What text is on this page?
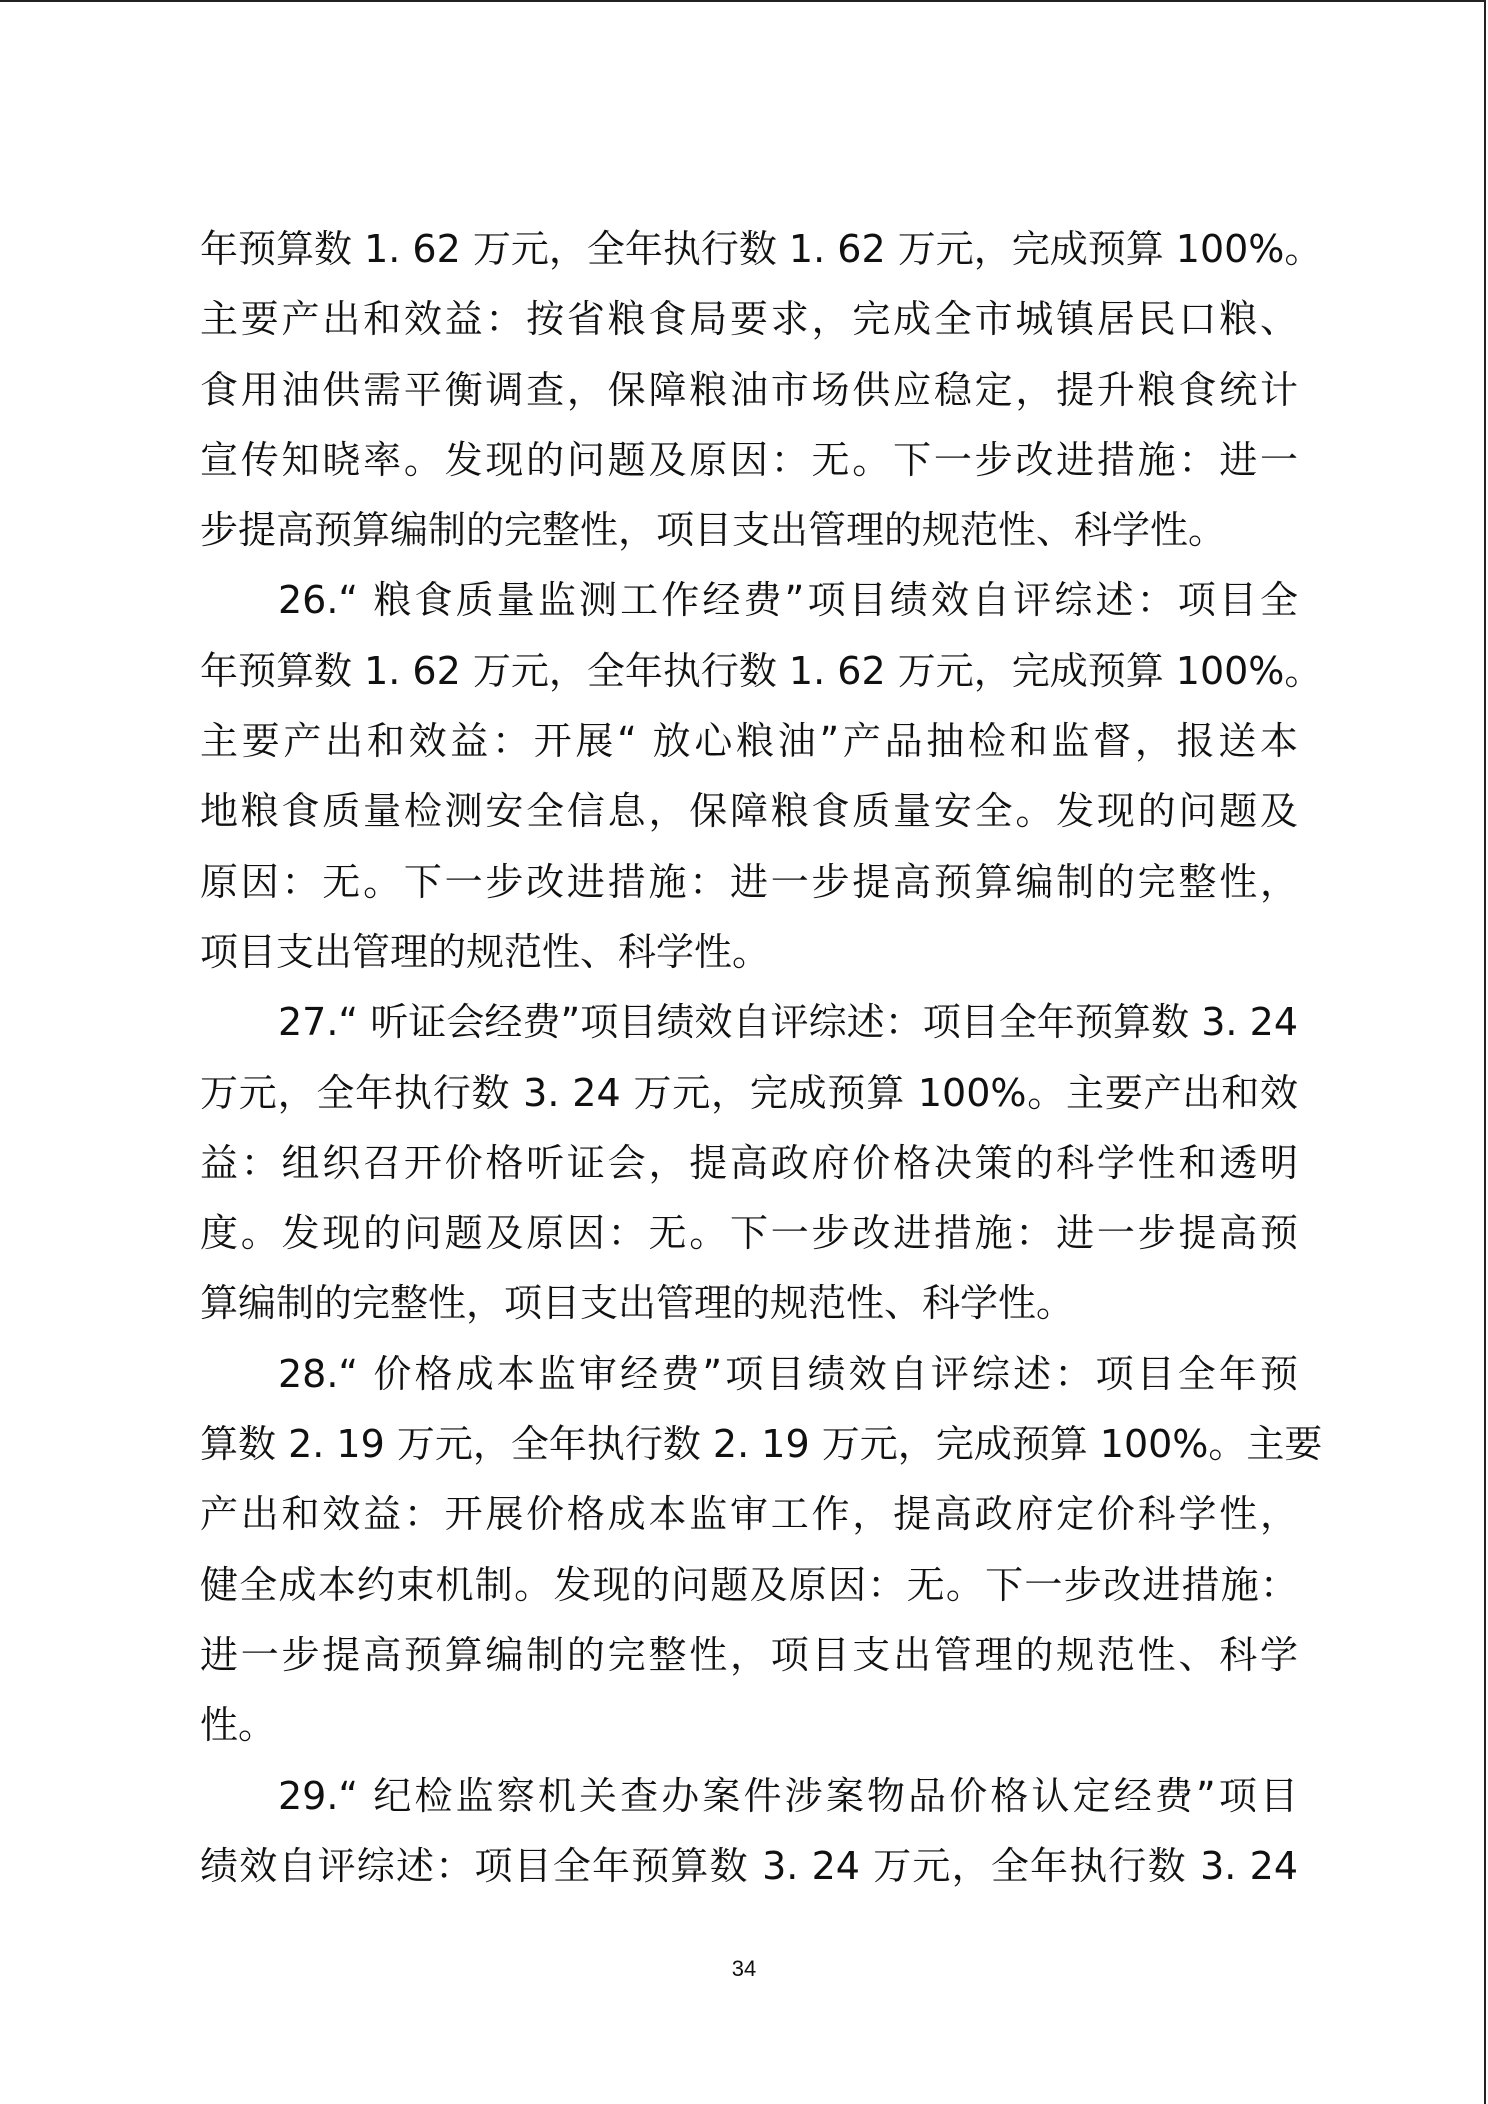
年预算数 1. 62 万元，全年执行数 1. 62 万元，完成预算 100%。
主要产出和效益：按省粮食局要求，完成全市城镇居民口粮、
食用油供需平衡调查，保障粮油市场供应稳定，提升粮食统计
宣传知晓率。发现的问题及原因：无。下一步改进措施：进一
步提高预算编制的完整性，项目支出管理的规范性、科学性。
26.“ 粮食质量监测工作经费”项目绩效自评综述：项目全
年预算数 1. 62 万元，全年执行数 1. 62 万元，完成预算 100%。
主要产出和效益：开展“ 放心粮油”产品抽检和监督，报送本
地粮食质量检测安全信息，保障粮食质量安全。发现的问题及
原因：无。下一步改进措施：进一步提高预算编制的完整性，
项目支出管理的规范性、科学性。
27.“ 听证会经费”项目绩效自评综述：项目全年预算数 3. 24
万元，全年执行数 3. 24 万元，完成预算 100%。主要产出和效
益：组织召开价格听证会，提高政府价格决策的科学性和透明
度。发现的问题及原因：无。下一步改进措施：进一步提高预
算编制的完整性，项目支出管理的规范性、科学性。
28.“ 价格成本监审经费”项目绩效自评综述：项目全年预
算数 2. 19 万元，全年执行数 2. 19 万元，完成预算 100%。主要
产出和效益：开展价格成本监审工作，提高政府定价科学性，
健全成本约束机制。发现的问题及原因：无。下一步改进措施：
进一步提高预算编制的完整性，项目支出管理的规范性、科学
性。
29.“ 纪检监察机关查办案件涉案物品价格认定经费”项目
绩效自评综述：项目全年预算数 3. 24 万元，全年执行数 3. 24
34
